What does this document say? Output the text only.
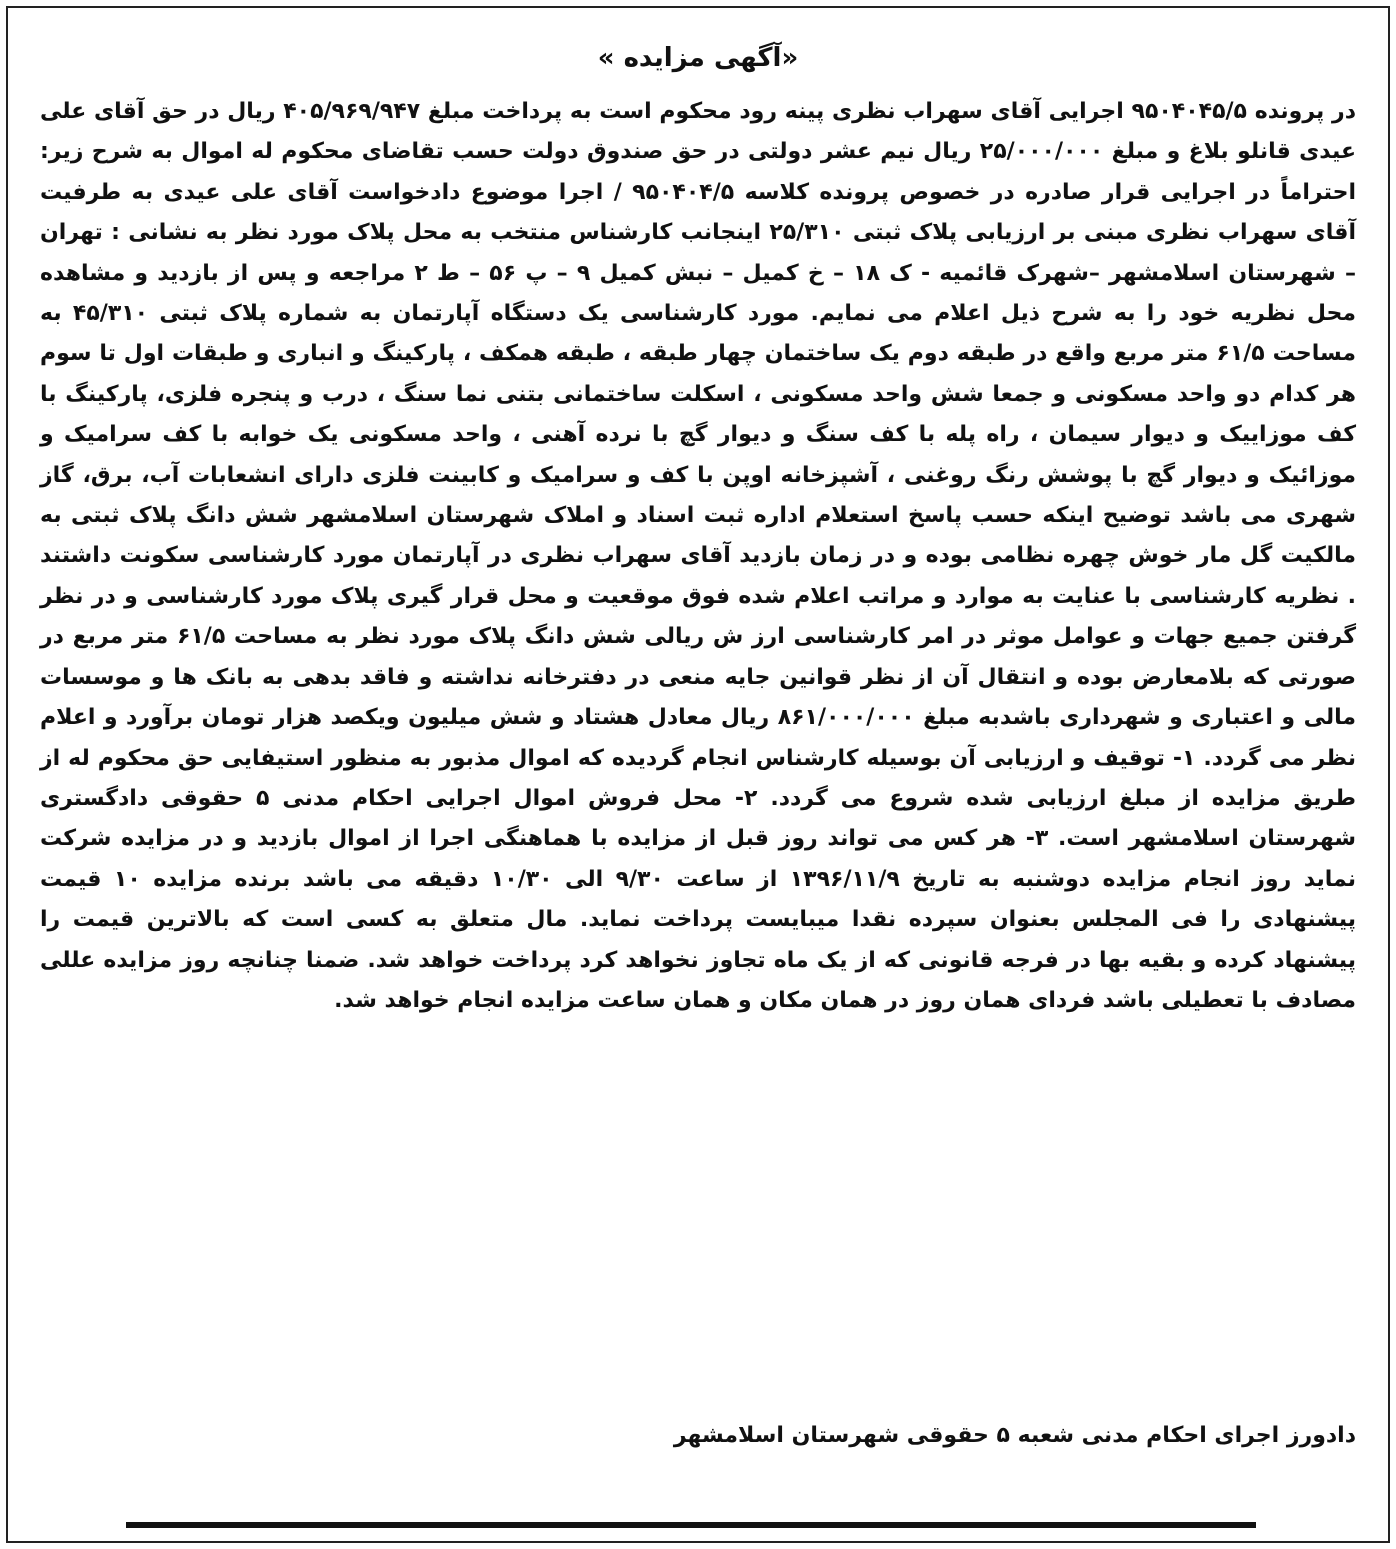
«آگهی مزایده »

در پرونده ۹۵۰۴۰۴۵/۵ اجرایی آقای سهراب نظری پینه رود محکوم است به پرداخت مبلغ ۴۰۵/۹۶۹/۹۴۷ ریال در حق آقای علی عیدی قانلو بلاغ و مبلغ ۲۵/۰۰۰/۰۰۰ ریال نیم عشر دولتی در حق صندوق دولت حسب تقاضای محکوم له اموال به شرح زیر: احتراماً در اجرایی قرار صادره در خصوص پرونده کلاسه ۹۵۰۴۰۴/۵ / اجرا موضوع دادخواست آقای علی عیدی به طرفیت آقای سهراب نظری مبنی بر ارزیابی پلاک ثبتی ۲۵/۳۱۰ اینجانب کارشناس منتخب به محل پلاک مورد نظر به نشانی : تهران – شهرستان اسلامشهر –شهرک قائمیه - ک ۱۸ – خ کمیل – نبش کمیل ۹ – پ ۵۶ – ط ۲ مراجعه و پس از بازدید و مشاهده محل نظریه خود را به شرح ذیل اعلام می نمایم. مورد کارشناسی یک دستگاه آپارتمان به شماره پلاک ثبتی ۴۵/۳۱۰ به مساحت ۶۱/۵ متر مربع واقع در طبقه دوم یک ساختمان چهار طبقه ، طبقه همکف ، پارکینگ و انباری و طبقات اول تا سوم هر کدام دو واحد مسکونی و جمعا شش واحد مسکونی ، اسکلت ساختمانی بتنی نما سنگ ، درب و پنجره فلزی، پارکینگ با کف موزاییک و دیوار سیمان ، راه پله با کف سنگ و دیوار گچ با نرده آهنی ، واحد مسکونی یک خوابه با کف سرامیک و موزائیک و دیوار گچ با پوشش رنگ روغنی ، آشپزخانه اوپن با کف و سرامیک و کابینت فلزی دارای انشعابات آب، برق، گاز شهری می باشد توضیح اینکه حسب پاسخ استعلام اداره ثبت اسناد و املاک شهرستان اسلامشهر شش دانگ پلاک ثبتی به مالکیت گل مار خوش چهره نظامی بوده و در زمان بازدید آقای سهراب نظری در آپارتمان مورد کارشناسی سکونت داشتند . نظریه کارشناسی با عنایت به موارد و مراتب اعلام شده فوق موقعیت و محل قرار گیری پلاک مورد کارشناسی و در نظر گرفتن جمیع جهات و عوامل موثر در امر کارشناسی ارز ش ریالی شش دانگ پلاک مورد نظر به مساحت ۶۱/۵ متر مربع در صورتی که بلامعارض بوده و انتقال آن از نظر قوانین جایه منعی در دفترخانه نداشته و فاقد بدهی به بانک ها و موسسات مالی و اعتباری و شهرداری باشدبه مبلغ ۸۶۱/۰۰۰/۰۰۰ ریال معادل هشتاد و شش میلیون ویکصد هزار تومان برآورد و اعلام نظر می گردد. ۱- توقیف و ارزیابی آن بوسیله کارشناس انجام گردیده که اموال مذبور به منظور استیفایی حق محکوم له از طریق مزایده از مبلغ ارزیابی شده شروع می گردد. ۲- محل فروش اموال اجرایی احکام مدنی ۵ حقوقی دادگستری شهرستان اسلامشهر است. ۳- هر کس می تواند روز قبل از مزایده با هماهنگی اجرا از اموال بازدید و در مزایده شرکت نماید روز انجام مزایده دوشنبه به تاریخ ۱۳۹۶/۱۱/۹ از ساعت ۹/۳۰ الی ۱۰/۳۰ دقیقه می باشد برنده مزایده ۱۰ قیمت پیشنهادی را فی المجلس بعنوان سپرده نقدا میبایست پرداخت نماید. مال متعلق به کسی است که بالاترین قیمت را پیشنهاد کرده و بقیه بها در فرجه قانونی که از یک ماه تجاوز نخواهد کرد پرداخت خواهد شد. ضمنا چنانچه روز مزایده عللی مصادف با تعطیلی باشد فردای همان روز در همان مکان و همان ساعت مزایده انجام خواهد شد.

دادورز اجرای احکام مدنی شعبه ۵ حقوقی شهرستان اسلامشهر
